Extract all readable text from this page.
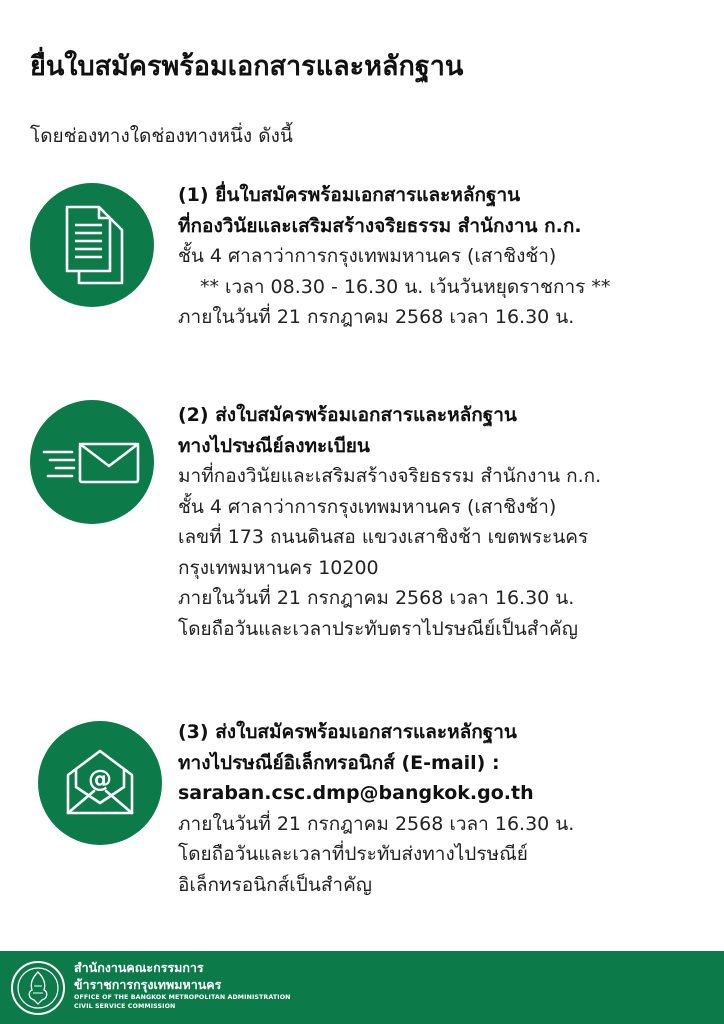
ยื่นใบสมัครพร้อมเอกสารและหลักฐาน
โดยช่องทางใดช่องทางหนึ่ง ดังนี้
(1) ยื่นใบสมัครพร้อมเอกสารและหลักฐาน
ที่กองวินัยและเสริมสร้างจริยธรรม สำนักงาน ก.ก.
ชั้น 4 ศาลาว่าการกรุงเทพมหานคร (เสาชิงช้า)
** เวลา 08.30 - 16.30 น. เว้นวันหยุดราชการ **
ภายในวันที่ 21 กรกฎาคม 2568 เวลา 16.30 น.
(2) ส่งใบสมัครพร้อมเอกสารและหลักฐาน
ทางไปรษณีย์ลงทะเบียน
มาที่กองวินัยและเสริมสร้างจริยธรรม สำนักงาน ก.ก.
ชั้น 4 ศาลาว่าการกรุงเทพมหานคร (เสาชิงช้า)
เลขที่ 173 ถนนดินสอ แขวงเสาชิงช้า เขตพระนคร
กรุงเทพมหานคร 10200
ภายในวันที่ 21 กรกฎาคม 2568 เวลา 16.30 น.
โดยถือวันและเวลาประทับตราไปรษณีย์เป็นสำคัญ
@
(3) ส่งใบสมัครพร้อมเอกสารและหลักฐาน
ทางไปรษณีย์อิเล็กทรอนิกส์ (E-mail) :
saraban.csc.dmp@bangkok.go.th
ภายในวันที่ 21 กรกฎาคม 2568 เวลา 16.30 น.
โดยถือวันและเวลาที่ประทับส่งทางไปรษณีย์
อิเล็กทรอนิกส์เป็นสำคัญ
สำนักงานคณะกรรมการ
ข้าราชการกรุงเทพมหานคร
OFFICE OF THE BANGKOK METROPOLITAN ADMINISTRATION
CIVIL SERVICE COMMISSION
